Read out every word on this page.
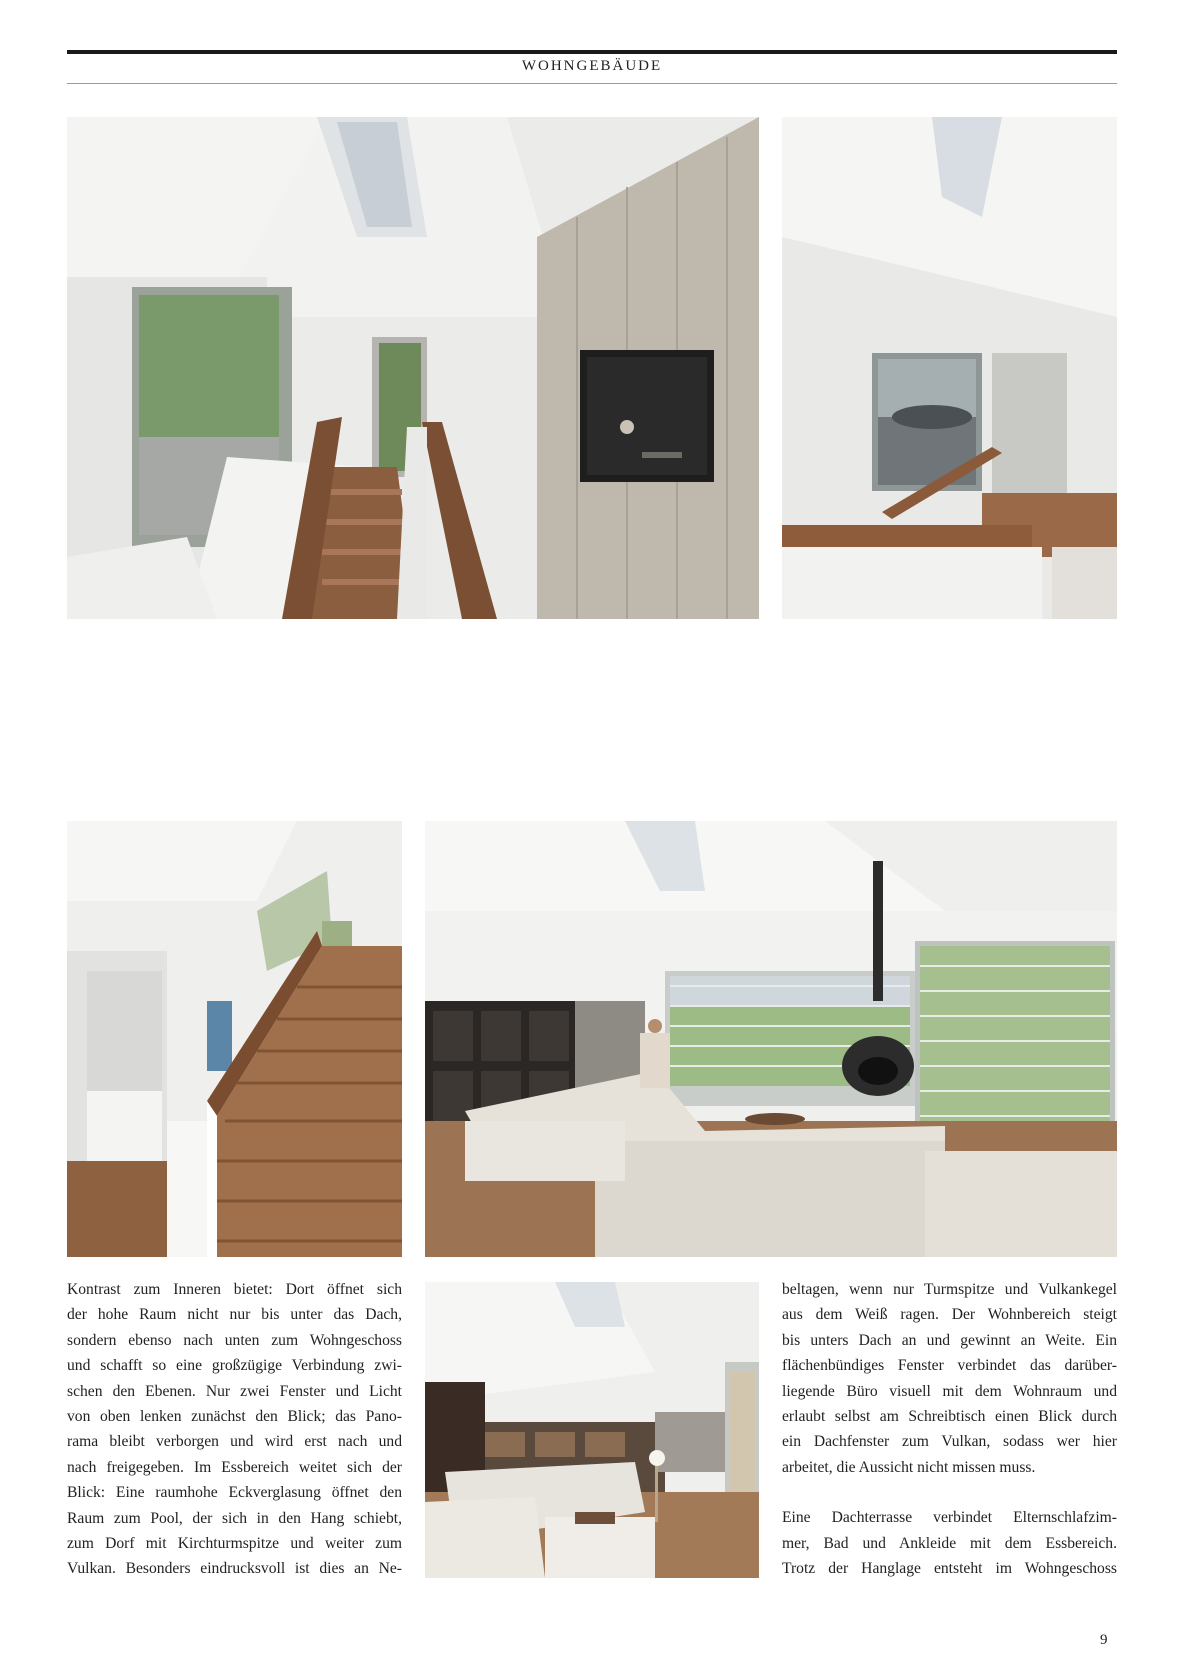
WOHNGEBÄUDE

Kontrast zum Inneren bietet: Dort öffnet sich

der hohe Raum nicht nur bis unter das Dach,

sondern ebenso nach unten zum Wohngeschoss

und schafft so eine großzügige Verbindung zwi-

schen den Ebenen. Nur zwei Fenster und Licht

von oben lenken zunächst den Blick; das Pano-

rama bleibt verborgen und wird erst nach und

nach freigegeben. Im Essbereich weitet sich der

Blick: Eine raumhohe Eckverglasung öffnet den

Raum zum Pool, der sich in den Hang schiebt,

zum Dorf mit Kirchturmspitze und weiter zum

Vulkan. Besonders eindrucksvoll ist dies an Ne-

beltagen, wenn nur Turmspitze und Vulkankegel

aus dem Weiß ragen. Der Wohnbereich steigt

bis unters Dach an und gewinnt an Weite. Ein

flächenbündiges Fenster verbindet das darüber-

liegende Büro visuell mit dem Wohnraum und

erlaubt selbst am Schreibtisch einen Blick durch

ein Dachfenster zum Vulkan, sodass wer hier

arbeitet, die Aussicht nicht missen muss.

Eine Dachterrasse verbindet Elternschlafzim-

mer, Bad und Ankleide mit dem Essbereich.

Trotz der Hanglage entsteht im Wohngeschoss

9
